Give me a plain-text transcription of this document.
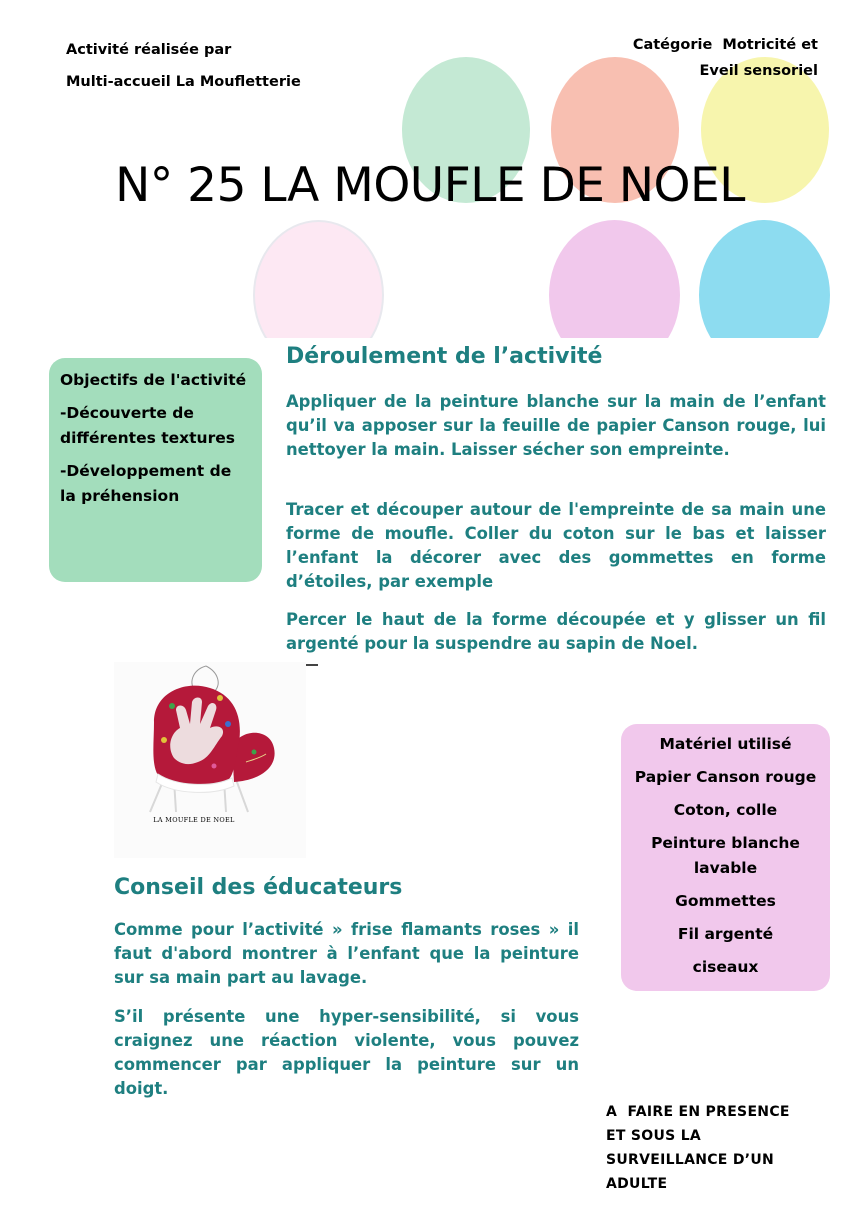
Activité réalisée par
Multi-accueil La Moufletterie
Catégorie  Motricité et
Eveil sensoriel
N° 25 LA MOUFLE DE NOEL

Objectifs de l'activité

-Découverte de différentes textures

-Développement de la préhension

Déroulement de l’activité

Appliquer de la peinture blanche sur la main de l’enfant qu’il va apposer sur la feuille de papier Canson rouge, lui nettoyer la main. Laisser sécher son empreinte.

Tracer et découper autour de l'empreinte de sa main une forme de moufle. Coller du coton sur le bas et laisser l’enfant la décorer avec des gommettes en forme d’étoiles, par exemple

Percer le haut de la forme découpée et y glisser un fil argenté pour la suspendre au sapin de Noel.

LA MOUFLE DE NOEL
Matériel utilisé
Papier Canson rouge
Coton, colle
Peinture blanche lavable
Gommettes
Fil argenté
ciseaux
Conseil des éducateurs

Comme pour l’activité » frise flamants roses » il faut d'abord montrer à l’enfant que la peinture sur sa main part au lavage.

S’il présente une hyper-sensibilité, si vous craignez une réaction violente, vous pouvez commencer par appliquer la peinture sur un doigt.

A  FAIRE EN PRESENCE
ET SOUS LA
SURVEILLANCE D’UN
ADULTE
